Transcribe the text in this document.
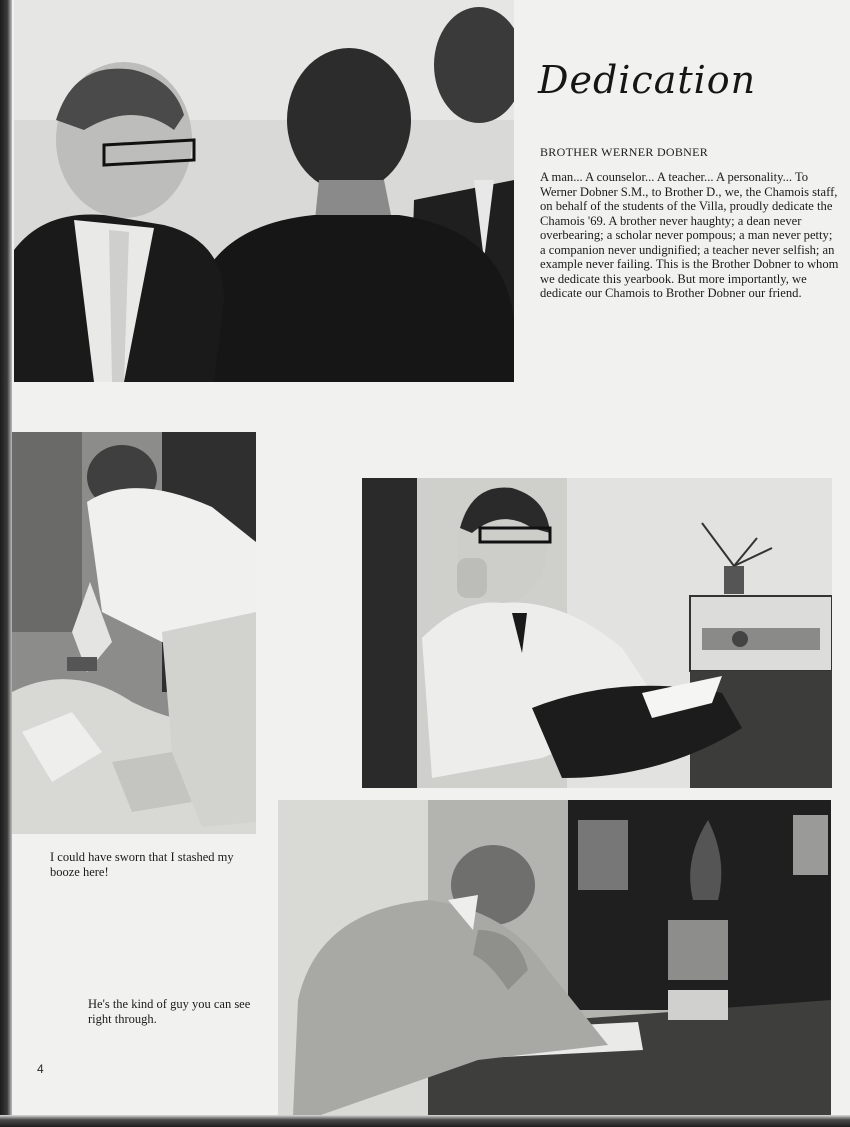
Dedication
BROTHER WERNER DOBNER

A man... A counselor... A teacher... A personality... To Werner Dobner S.M., to Brother D., we, the Chamois staff, on behalf of the students of the Villa, proudly dedicate the Chamois '69. A brother never haughty; a dean never overbearing; a scholar never pompous; a man never petty; a companion never undignified; a teacher never selfish; an example never failing. This is the Brother Dobner to whom we dedicate this yearbook. But more importantly, we dedicate our Chamois to Brother Dobner our friend.

I could have sworn that I stashed my booze here!

He's the kind of guy you can see right through.

4
